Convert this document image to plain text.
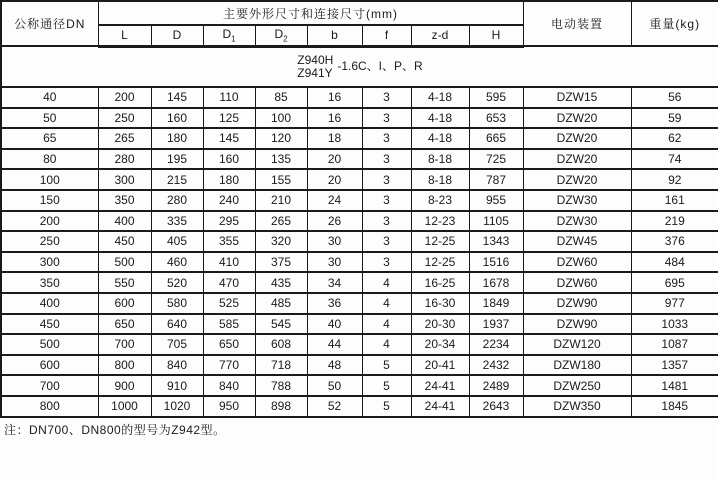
公称通径DN	主要外形尺寸和连接尺寸(mm)								电动装置	重量(kg)
	L	D	$D_1$	$D_2$	b	f	z-d	H		

Z940H
Z941Y -1.6C、I、P、R										

40	200	145	110	85	16	3	4-18	595	DZW15	56
50	250	160	125	100	16	3	4-18	653	DZW20	59
65	265	180	145	120	18	3	4-18	665	DZW20	62
80	280	195	160	135	20	3	8-18	725	DZW20	74
100	300	215	180	155	20	3	8-18	787	DZW20	92
150	350	280	240	210	24	3	8-23	955	DZW30	161
200	400	335	295	265	26	3	12-23	1105	DZW30	219
250	450	405	355	320	30	3	12-25	1343	DZW45	376
300	500	460	410	375	30	3	12-25	1516	DZW60	484
350	550	520	470	435	34	4	16-25	1678	DZW60	695
400	600	580	525	485	36	4	16-30	1849	DZW90	977
450	650	640	585	545	40	4	20-30	1937	DZW90	1033
500	700	705	650	608	44	4	20-34	2234	DZW120	1087
600	800	840	770	718	48	5	20-41	2432	DZW180	1357
700	900	910	840	788	50	5	24-41	2489	DZW250	1481
800	1000	1020	950	898	52	5	24-41	2643	DZW350	1845
注：DN700、DN800的型号为Z942型。
